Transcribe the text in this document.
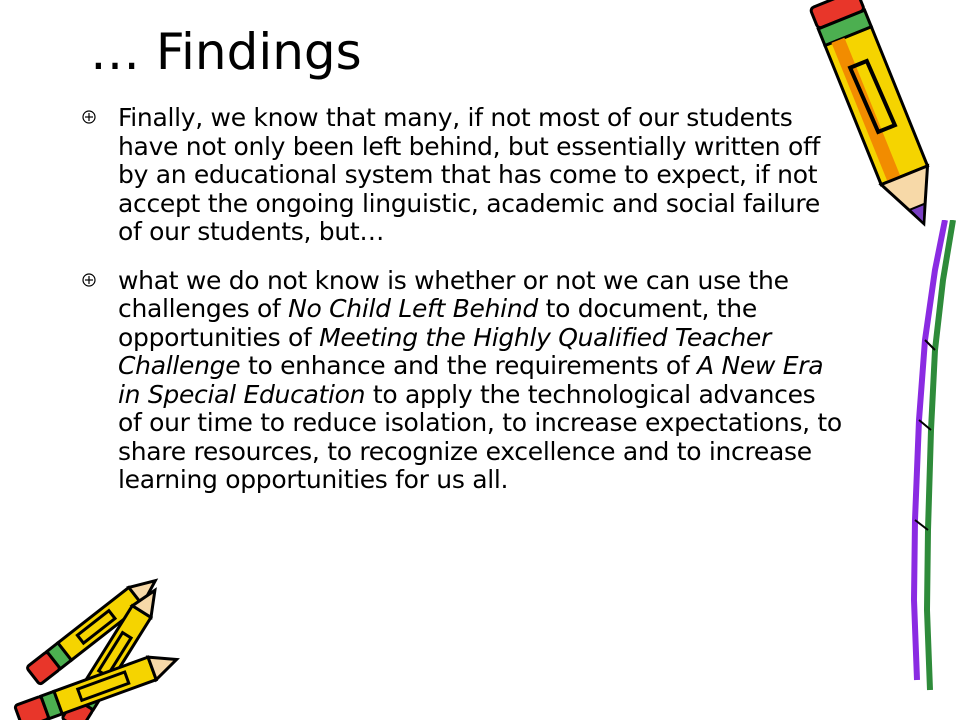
… Findings
Finally, we know that many, if not most of our students have not only been left behind, but essentially written off by an educational system that has come to expect, if not accept the ongoing linguistic, academic and social failure of our students, but…
what we do not know is whether or not we can use the challenges of No Child Left Behind to document, the opportunities of Meeting the Highly Qualified Teacher Challenge to enhance and the requirements of A New Era in Special Education to apply the technological advances of our time to reduce isolation, to increase expectations, to share resources, to recognize excellence and to increase learning opportunities for us all.
